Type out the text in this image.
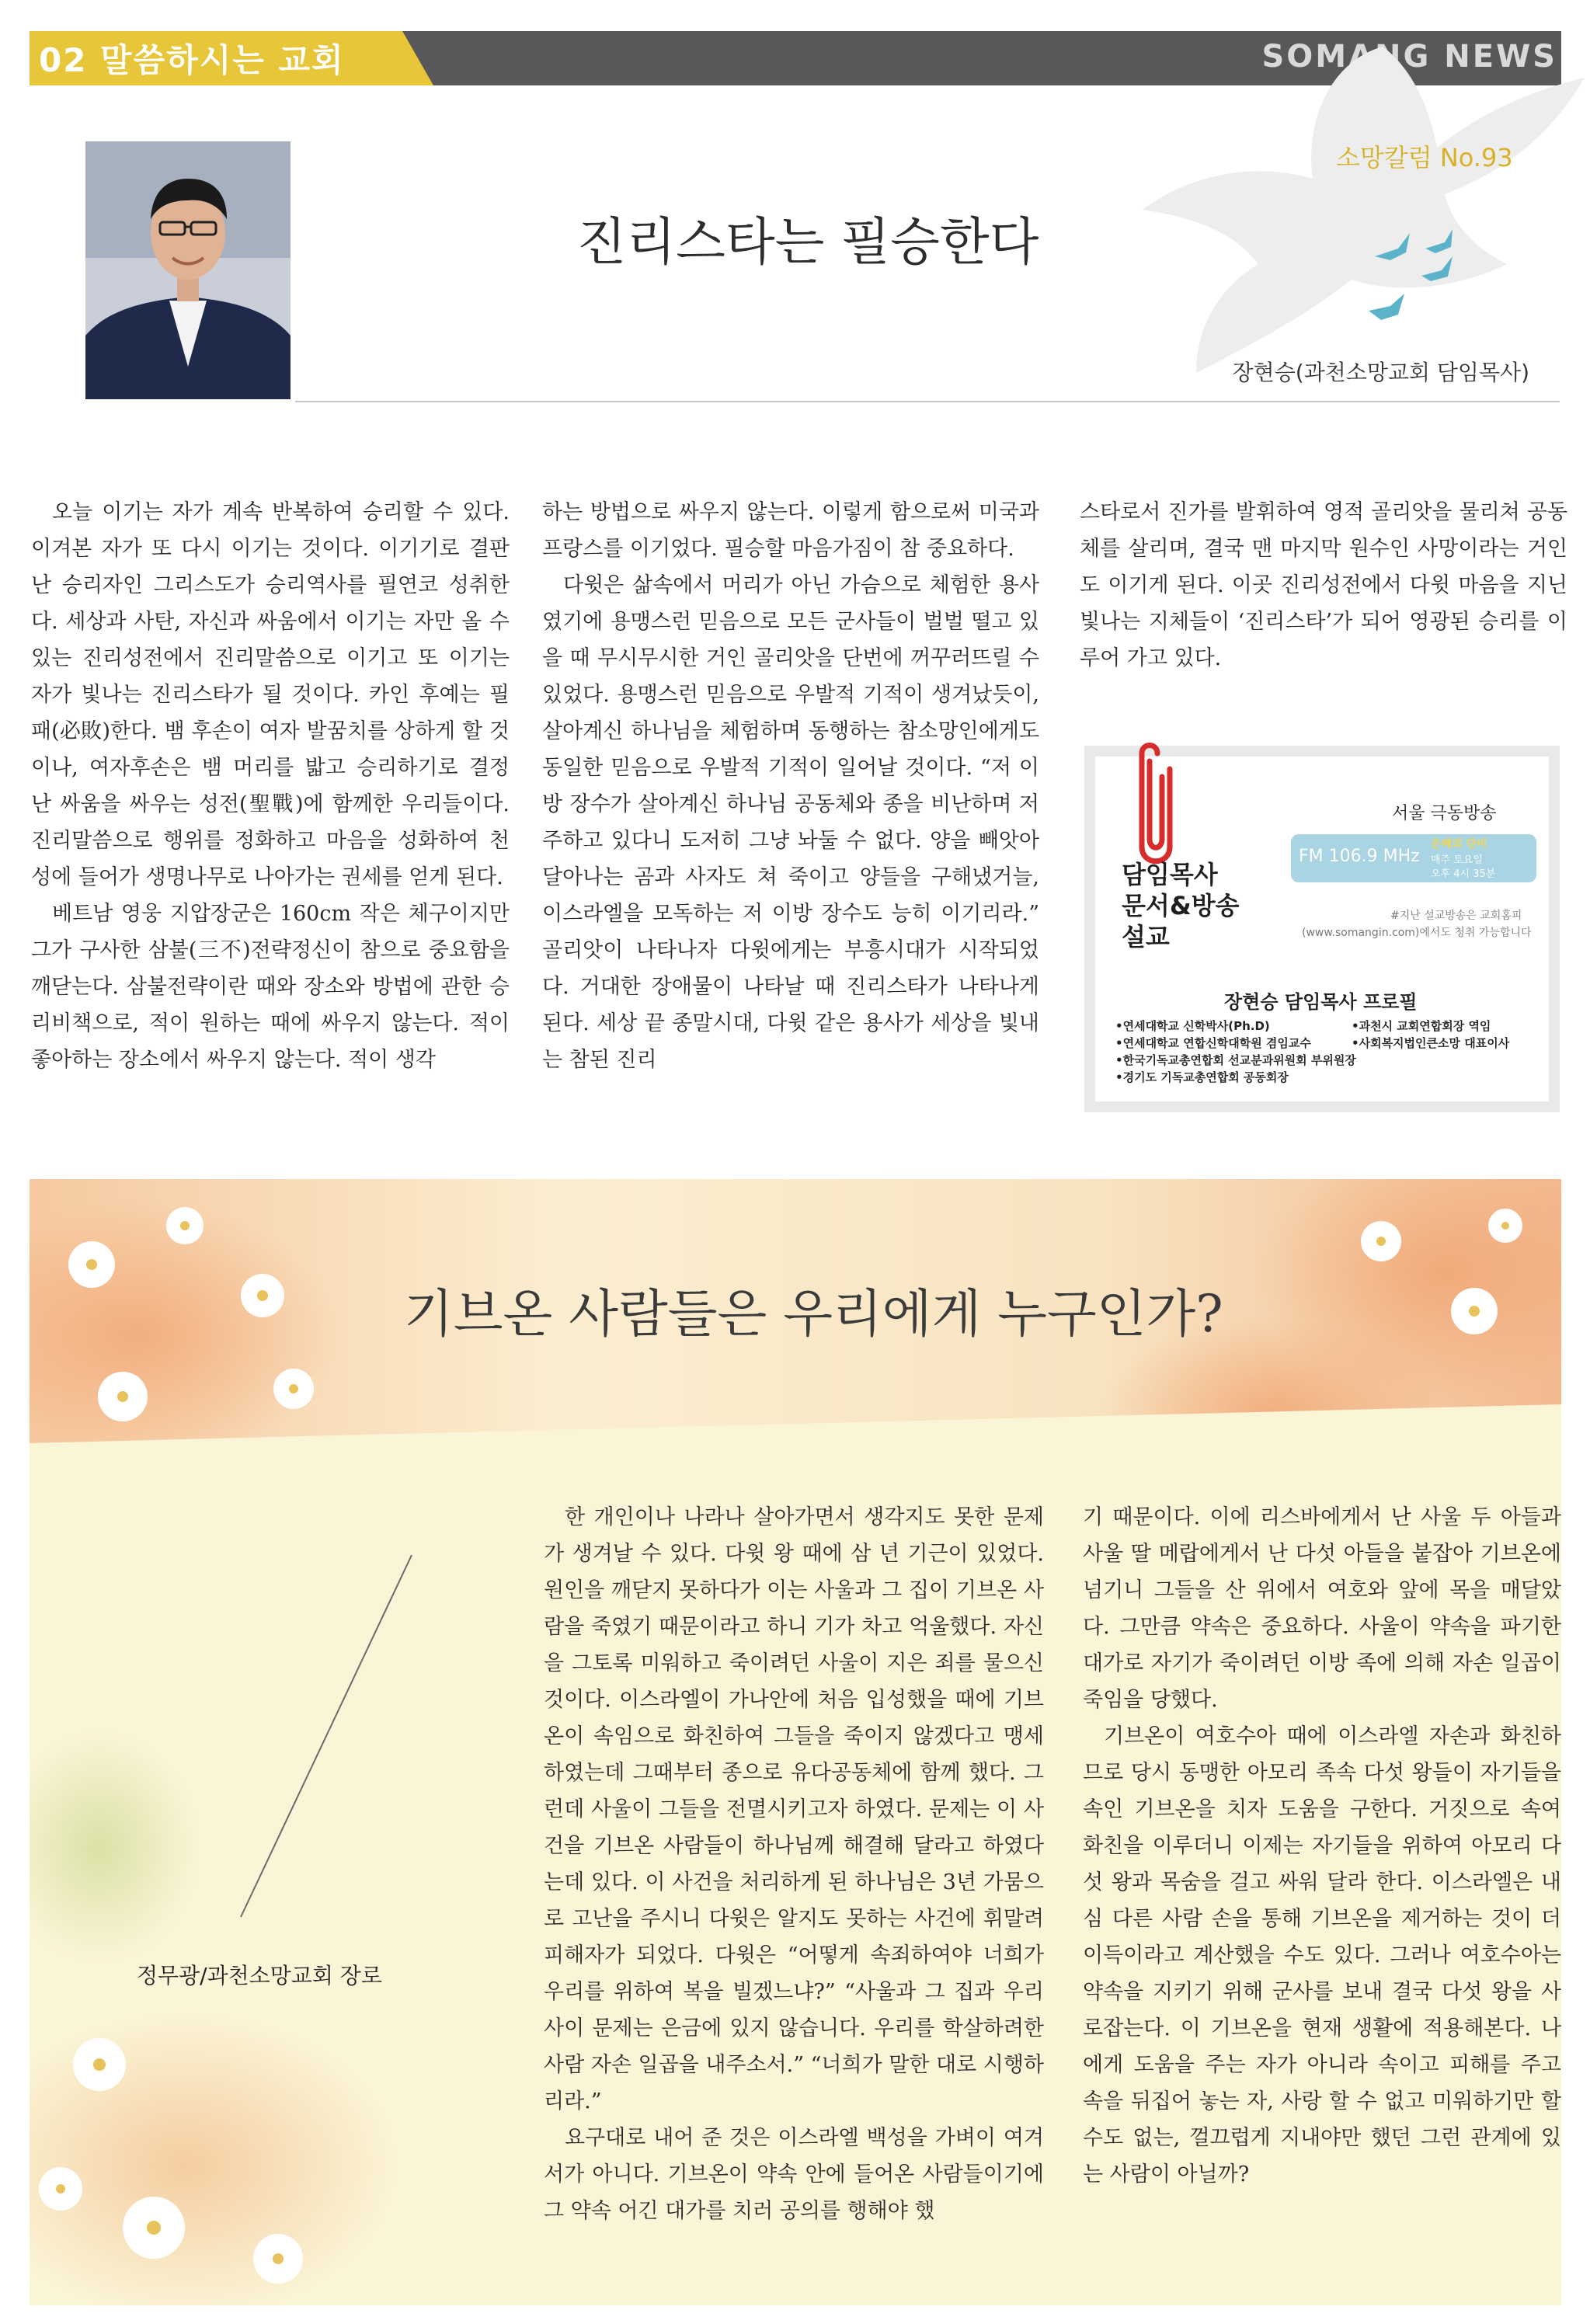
02 말씀하시는 교회	SOMANG NEWS
소망칼럼 No.93
진리스타는 필승한다
장현승(과천소망교회 담임목사)

오늘 이기는 자가 계속 반복하여 승리할 수 있다. 이겨본 자가 또 다시 이기는 것이다. 이기기로 결판 난 승리자인 그리스도가 승리역사를 필연코 성취한다. 세상과 사탄, 자신과 싸움에서 이기는 자만 올 수 있는 진리성전에서 진리말씀으로 이기고 또 이기는 자가 빛나는 진리스타가 될 것이다. 카인 후예는 필패(必敗)한다. 뱀 후손이 여자 발꿈치를 상하게 할 것이나, 여자후손은 뱀 머리를 밟고 승리하기로 결정 난 싸움을 싸우는 성전(聖戰)에 함께한 우리들이다. 진리말씀으로 행위를 정화하고 마음을 성화하여 천성에 들어가 생명나무로 나아가는 권세를 얻게 된다.

베트남 영웅 지압장군은 160cm 작은 체구이지만 그가 구사한 삼불(三不)전략정신이 참으로 중요함을 깨닫는다. 삼불전략이란 때와 장소와 방법에 관한 승리비책으로, 적이 원하는 때에 싸우지 않는다. 적이 좋아하는 장소에서 싸우지 않는다. 적이 생각

하는 방법으로 싸우지 않는다. 이렇게 함으로써 미국과 프랑스를 이기었다. 필승할 마음가짐이 참 중요하다.

다윗은 삶속에서 머리가 아닌 가슴으로 체험한 용사였기에 용맹스런 믿음으로 모든 군사들이 벌벌 떨고 있을 때 무시무시한 거인 골리앗을 단번에 꺼꾸러뜨릴 수 있었다. 용맹스런 믿음으로 우발적 기적이 생겨났듯이, 살아계신 하나님을 체험하며 동행하는 참소망인에게도 동일한 믿음으로 우발적 기적이 일어날 것이다. “저 이방 장수가 살아계신 하나님 공동체와 종을 비난하며 저주하고 있다니 도저히 그냥 놔둘 수 없다. 양을 빼앗아 달아나는 곰과 사자도 쳐 죽이고 양들을 구해냈거늘, 이스라엘을 모독하는 저 이방 장수도 능히 이기리라.” 골리앗이 나타나자 다윗에게는 부흥시대가 시작되었다. 거대한 장애물이 나타날 때 진리스타가 나타나게 된다. 세상 끝 종말시대, 다윗 같은 용사가 세상을 빛내는 참된 진리

스타로서 진가를 발휘하여 영적 골리앗을 물리쳐 공동체를 살리며, 결국 맨 마지막 원수인 사망이라는 거인도 이기게 된다. 이곳 진리성전에서 다윗 마음을 지닌 빛나는 지체들이 ‘진리스타’가 되어 영광된 승리를 이루어 가고 있다.

서울 극동방송
FM 106.9 MHz
은혜의 단비
매주 토요일
오후 4시 35분
담임목사
문서&방송
설교
#지난 설교방송은 교회홈피
(www.somangin.com)에서도 청취 가능합니다
장현승 담임목사 프로필
•연세대학교 신학박사(Ph.D)
•연세대학교 연합신학대학원 겸임교수
•한국기독교총연합회 선교분과위원회 부위원장
•경기도 기독교총연합회 공동회장
•과천시 교회연합회장 역임
•사회복지법인큰소망 대표이사
기브온 사람들은 우리에게 누구인가?
정무광/과천소망교회 장로

한 개인이나 나라나 살아가면서 생각지도 못한 문제가 생겨날 수 있다. 다윗 왕 때에 삼 년 기근이 있었다. 원인을 깨닫지 못하다가 이는 사울과 그 집이 기브온 사람을 죽였기 때문이라고 하니 기가 차고 억울했다. 자신을 그토록 미워하고 죽이려던 사울이 지은 죄를 물으신 것이다. 이스라엘이 가나안에 처음 입성했을 때에 기브온이 속임으로 화친하여 그들을 죽이지 않겠다고 맹세하였는데 그때부터 종으로 유다공동체에 함께 했다. 그런데 사울이 그들을 전멸시키고자 하였다. 문제는 이 사건을 기브온 사람들이 하나님께 해결해 달라고 하였다는데 있다. 이 사건을 처리하게 된 하나님은 3년 가뭄으로 고난을 주시니 다윗은 알지도 못하는 사건에 휘말려 피해자가 되었다. 다윗은 “어떻게 속죄하여야 너희가 우리를 위하여 복을 빌겠느냐?” “사울과 그 집과 우리 사이 문제는 은금에 있지 않습니다. 우리를 학살하려한 사람 자손 일곱을 내주소서.” “너희가 말한 대로 시행하리라.”

요구대로 내어 준 것은 이스라엘 백성을 가벼이 여겨서가 아니다. 기브온이 약속 안에 들어온 사람들이기에 그 약속 어긴 대가를 치러 공의를 행해야 했

기 때문이다. 이에 리스바에게서 난 사울 두 아들과 사울 딸 메랍에게서 난 다섯 아들을 붙잡아 기브온에 넘기니 그들을 산 위에서 여호와 앞에 목을 매달았다. 그만큼 약속은 중요하다. 사울이 약속을 파기한 대가로 자기가 죽이려던 이방 족에 의해 자손 일곱이 죽임을 당했다.

기브온이 여호수아 때에 이스라엘 자손과 화친하므로 당시 동맹한 아모리 족속 다섯 왕들이 자기들을 속인 기브온을 치자 도움을 구한다. 거짓으로 속여 화친을 이루더니 이제는 자기들을 위하여 아모리 다섯 왕과 목숨을 걸고 싸워 달라 한다. 이스라엘은 내심 다른 사람 손을 통해 기브온을 제거하는 것이 더 이득이라고 계산했을 수도 있다. 그러나 여호수아는 약속을 지키기 위해 군사를 보내 결국 다섯 왕을 사로잡는다. 이 기브온을 현재 생활에 적용해본다. 나에게 도움을 주는 자가 아니라 속이고 피해를 주고 속을 뒤집어 놓는 자, 사랑 할 수 없고 미워하기만 할 수도 없는, 껄끄럽게 지내야만 했던 그런 관계에 있는 사람이 아닐까?
